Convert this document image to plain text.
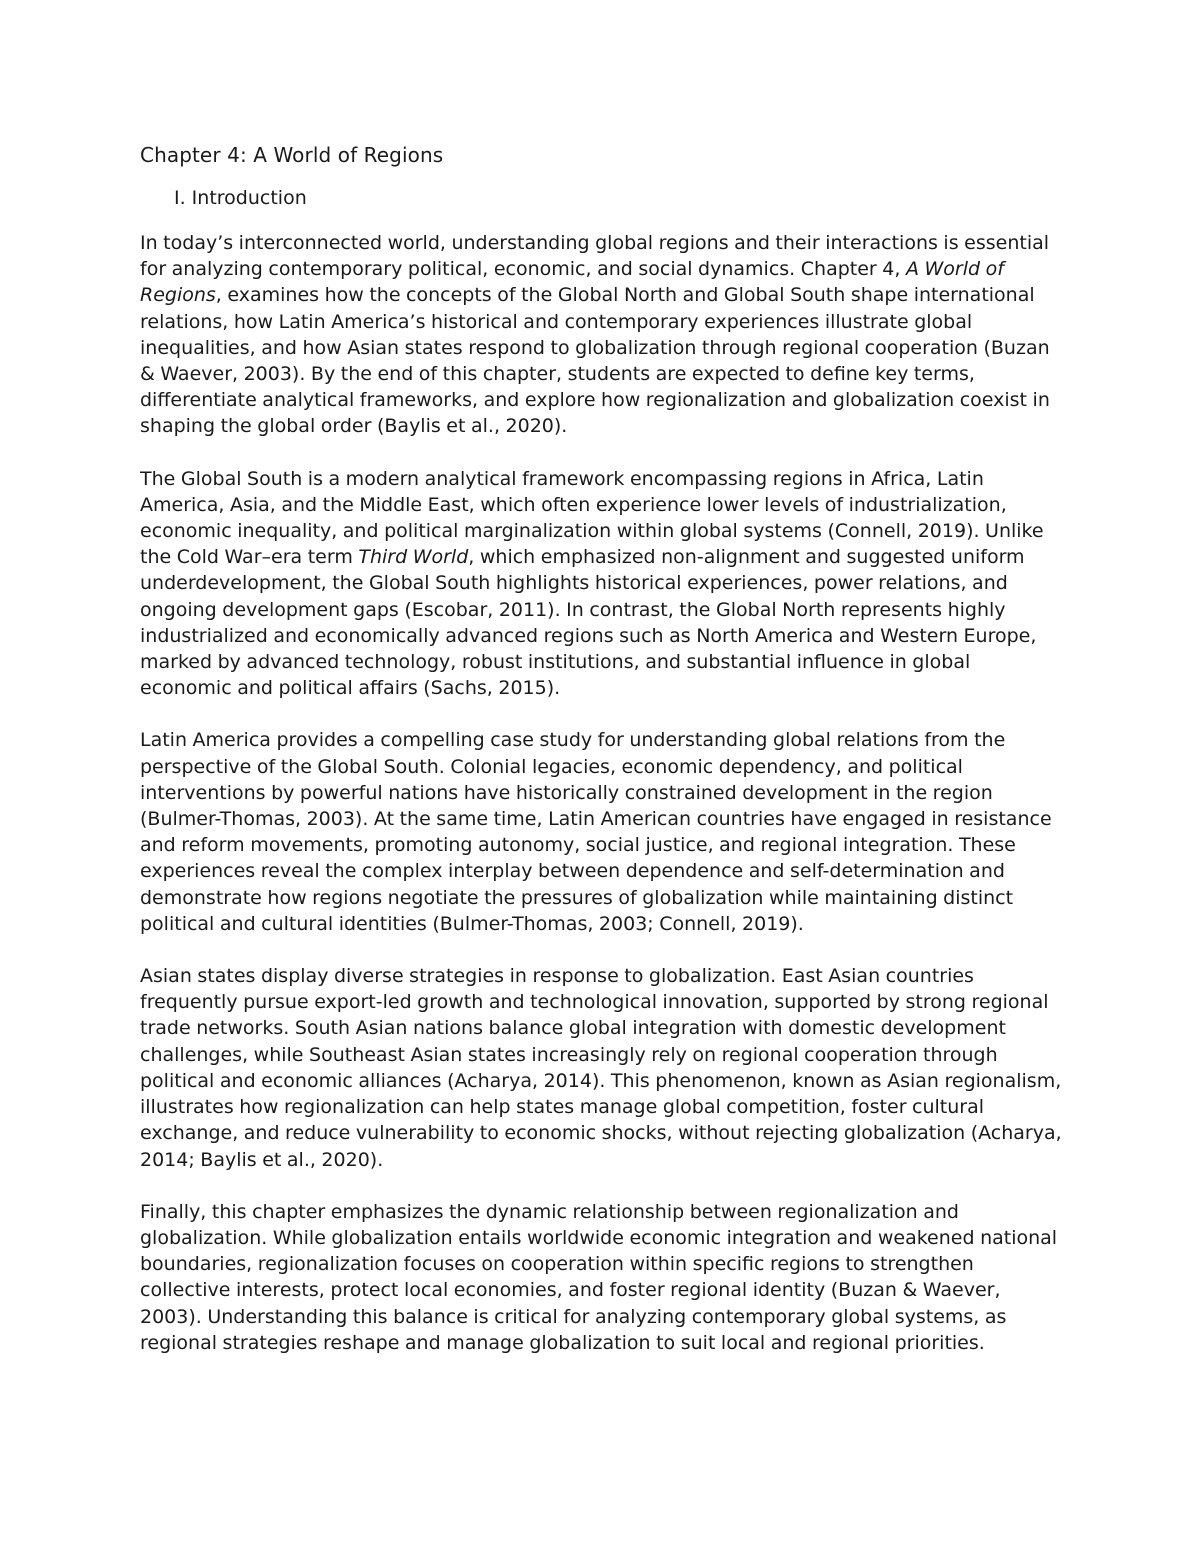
Chapter 4: A World of Regions
I. Introduction

In today’s interconnected world, understanding global regions and their interactions is essential for analyzing contemporary political, economic, and social dynamics. Chapter 4, A World of Regions, examines how the concepts of the Global North and Global South shape international relations, how Latin America’s historical and contemporary experiences illustrate global inequalities, and how Asian states respond to globalization through regional cooperation (Buzan & Waever, 2003). By the end of this chapter, students are expected to define key terms, differentiate analytical frameworks, and explore how regionalization and globalization coexist in shaping the global order (Baylis et al., 2020).

The Global South is a modern analytical framework encompassing regions in Africa, Latin America, Asia, and the Middle East, which often experience lower levels of industrialization, economic inequality, and political marginalization within global systems (Connell, 2019). Unlike the Cold War–era term Third World, which emphasized non-alignment and suggested uniform underdevelopment, the Global South highlights historical experiences, power relations, and ongoing development gaps (Escobar, 2011). In contrast, the Global North represents highly industrialized and economically advanced regions such as North America and Western Europe, marked by advanced technology, robust institutions, and substantial influence in global economic and political affairs (Sachs, 2015).

Latin America provides a compelling case study for understanding global relations from the perspective of the Global South. Colonial legacies, economic dependency, and political interventions by powerful nations have historically constrained development in the region (Bulmer-Thomas, 2003). At the same time, Latin American countries have engaged in resistance and reform movements, promoting autonomy, social justice, and regional integration. These experiences reveal the complex interplay between dependence and self-determination and demonstrate how regions negotiate the pressures of globalization while maintaining distinct political and cultural identities (Bulmer-Thomas, 2003; Connell, 2019).

Asian states display diverse strategies in response to globalization. East Asian countries frequently pursue export-led growth and technological innovation, supported by strong regional trade networks. South Asian nations balance global integration with domestic development challenges, while Southeast Asian states increasingly rely on regional cooperation through political and economic alliances (Acharya, 2014). This phenomenon, known as Asian regionalism, illustrates how regionalization can help states manage global competition, foster cultural exchange, and reduce vulnerability to economic shocks, without rejecting globalization (Acharya, 2014; Baylis et al., 2020).

Finally, this chapter emphasizes the dynamic relationship between regionalization and globalization. While globalization entails worldwide economic integration and weakened national boundaries, regionalization focuses on cooperation within specific regions to strengthen collective interests, protect local economies, and foster regional identity (Buzan & Waever, 2003). Understanding this balance is critical for analyzing contemporary global systems, as regional strategies reshape and manage globalization to suit local and regional priorities.
